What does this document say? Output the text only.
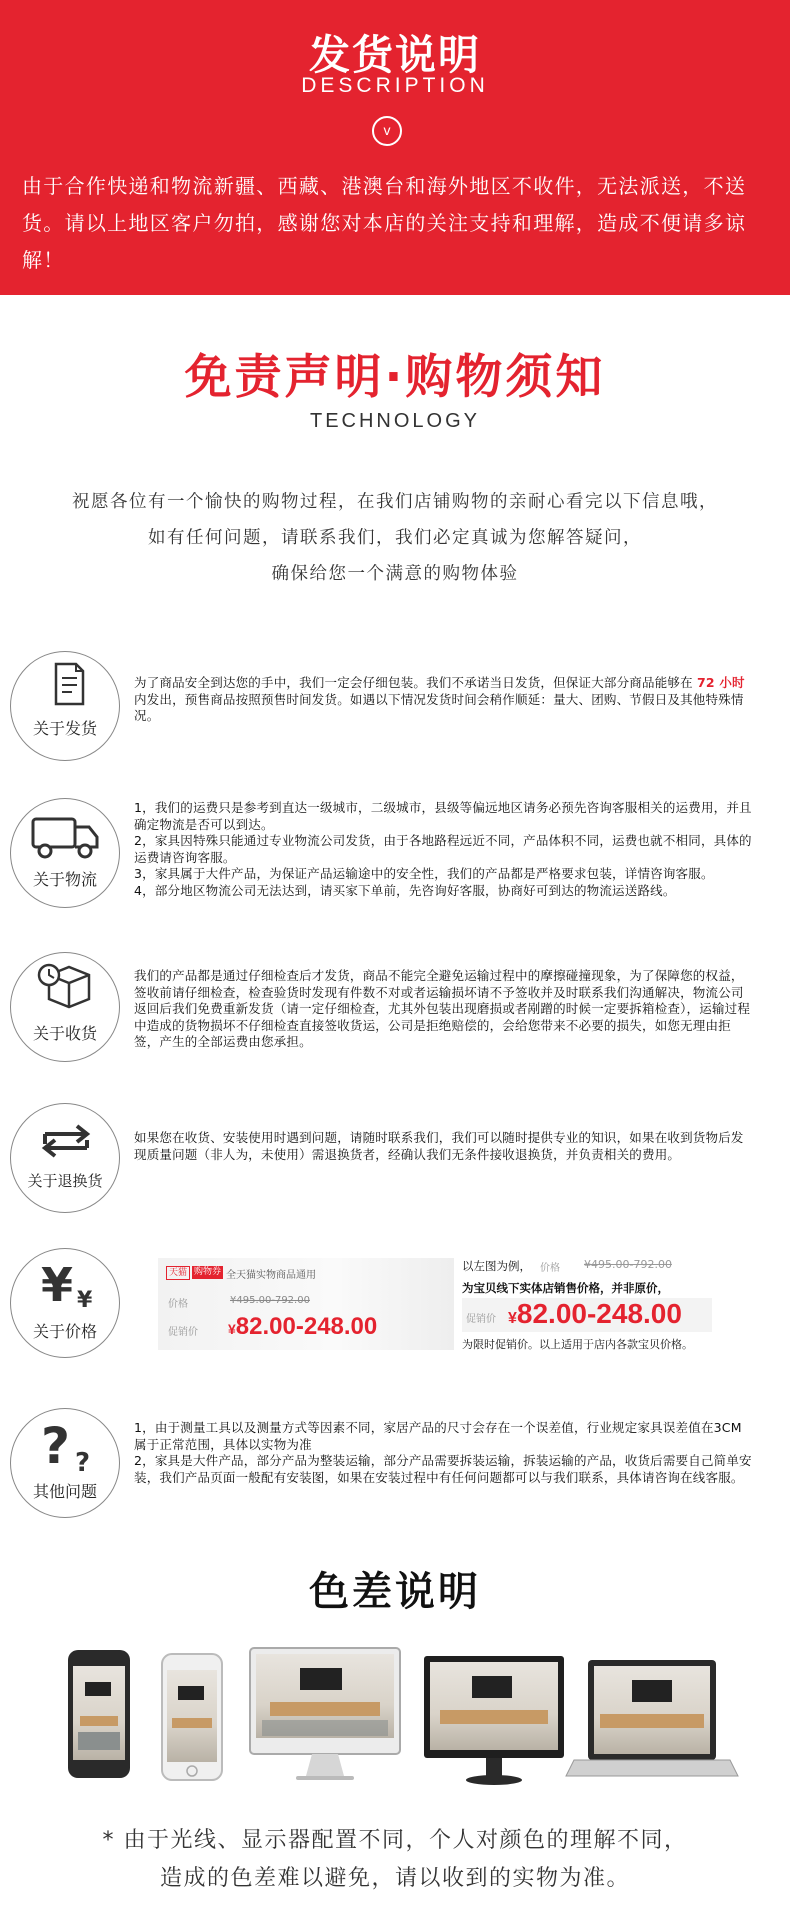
发货说明
DESCRIPTION
v
由于合作快递和物流新疆、西藏、港澳台和海外地区不收件，无法派送，不送货。请以上地区客户勿拍，感谢您对本店的关注支持和理解，造成不便请多谅解！
免责声明·购物须知
TECHNOLOGY
祝愿各位有一个愉快的购物过程，在我们店铺购物的亲耐心看完以下信息哦，
如有任何问题，请联系我们，我们必定真诚为您解答疑问，
确保给您一个满意的购物体验
关于发货
为了商品安全到达您的手中，我们一定会仔细包装。我们不承诺当日发货，但保证大部分商品能够在 72 小时内发出，预售商品按照预售时间发货。如遇以下情况发货时间会稍作顺延：量大、团购、节假日及其他特殊情况。
关于物流

1，我们的运费只是参考到直达一级城市，二级城市，县级等偏远地区请务必预先咨询客服相关的运费用，并且确定物流是否可以到达。

2，家具因特殊只能通过专业物流公司发货，由于各地路程远近不同，产品体积不同，运费也就不相同，具体的运费请咨询客服。

3，家具属于大件产品，为保证产品运输途中的安全性，我们的产品都是严格要求包装，详情咨询客服。

4，部分地区物流公司无法达到，请买家下单前，先咨询好客服，协商好可到达的物流运送路线。

关于收货
我们的产品都是通过仔细检查后才发货，商品不能完全避免运输过程中的摩擦碰撞现象，为了保障您的权益，签收前请仔细检查，检查验货时发现有件数不对或者运输损坏请不予签收并及时联系我们沟通解决，物流公司返回后我们免费重新发货（请一定仔细检查，尤其外包装出现磨损或者剐蹭的时候一定要拆箱检查），运输过程中造成的货物损坏不仔细检查直接签收货运，公司是拒绝赔偿的，会给您带来不必要的损失，如您无理由拒签，产生的全部运费由您承担。
关于退换货
如果您在收货、安装使用时遇到问题，请随时联系我们，我们可以随时提供专业的知识，如果在收到货物后发现质量问题（非人为，未使用）需退换货者，经确认我们无条件接收退换货，并负责相关的费用。
¥ ¥
关于价格
天猫 购物券 全天猫实物商品通用
价格	¥495.00-792.00
促销价 ¥82.00-248.00
以左图为例， 价格 ¥495.00-792.00
为宝贝线下实体店销售价格，并非原价，
促销价 ¥82.00-248.00
为限时促销价。以上适用于店内各款宝贝价格。
? ?
其他问题

1，由于测量工具以及测量方式等因素不同，家居产品的尺寸会存在一个误差值，行业规定家具误差值在3CM属于正常范围，具体以实物为准

2，家具是大件产品，部分产品为整装运输，部分产品需要拆装运输，拆装运输的产品，收货后需要自己简单安装，我们产品页面一般配有安装图，如果在安装过程中有任何问题都可以与我们联系，具体请咨询在线客服。

色差说明
* 由于光线、显示器配置不同，个人对颜色的理解不同，
造成的色差难以避免，请以收到的实物为准。
